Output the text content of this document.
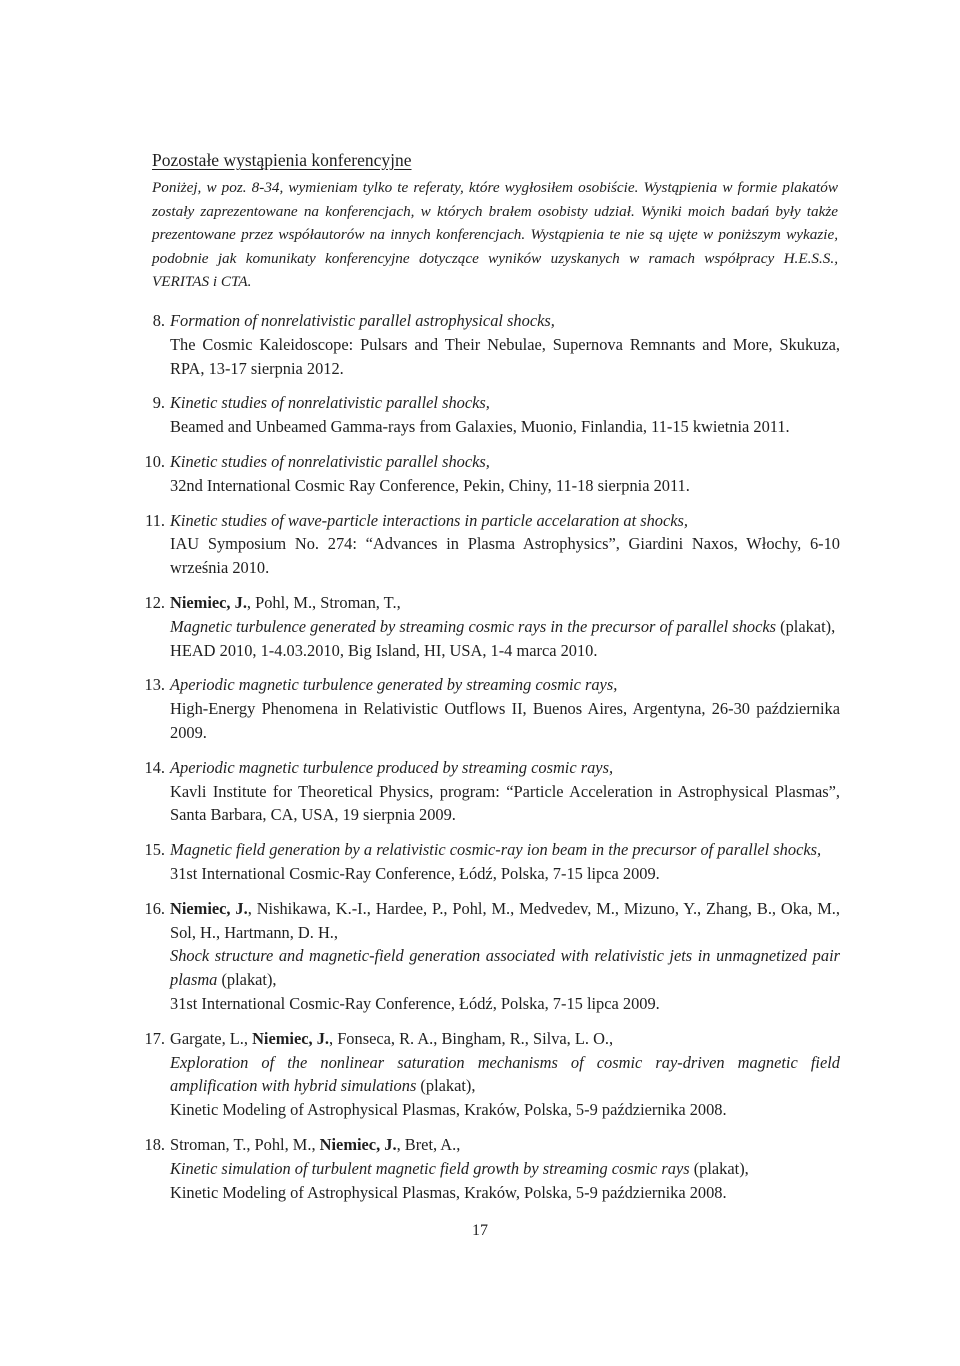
Pozostałe wystąpienia konferencyjne

Poniżej, w poz. 8-34, wymieniam tylko te referaty, które wygłosiłem osobiście. Wystąpienia w formie plakatów zostały zaprezentowane na konferencjach, w których brałem osobisty udział. Wyniki moich badań były także prezentowane przez współautorów na innych konferencjach. Wystąpienia te nie są ujęte w poniższym wykazie, podobnie jak komunikaty konferencyjne dotyczące wyników uzyskanych w ramach współpracy H.E.S.S., VERITAS i CTA.

8. Formation of nonrelativistic parallel astrophysical shocks,
The Cosmic Kaleidoscope: Pulsars and Their Nebulae, Supernova Remnants and More, Skukuza, RPA, 13-17 sierpnia 2012.
9. Kinetic studies of nonrelativistic parallel shocks,
Beamed and Unbeamed Gamma-rays from Galaxies, Muonio, Finlandia, 11-15 kwietnia 2011.
10. Kinetic studies of nonrelativistic parallel shocks,
32nd International Cosmic Ray Conference, Pekin, Chiny, 11-18 sierpnia 2011.
11. Kinetic studies of wave-particle interactions in particle accelaration at shocks,
IAU Symposium No. 274: “Advances in Plasma Astrophysics”, Giardini Naxos, Włochy, 6-10 września 2010.
12. Niemiec, J., Pohl, M., Stroman, T.,
Magnetic turbulence generated by streaming cosmic rays in the precursor of parallel shocks (plakat),
HEAD 2010, 1-4.03.2010, Big Island, HI, USA, 1-4 marca 2010.
13. Aperiodic magnetic turbulence generated by streaming cosmic rays,
High-Energy Phenomena in Relativistic Outflows II, Buenos Aires, Argentyna, 26-30 października 2009.
14. Aperiodic magnetic turbulence produced by streaming cosmic rays,
Kavli Institute for Theoretical Physics, program: “Particle Acceleration in Astrophysical Plasmas”, Santa Barbara, CA, USA, 19 sierpnia 2009.
15. Magnetic field generation by a relativistic cosmic-ray ion beam in the precursor of parallel shocks,
31st International Cosmic-Ray Conference, Łódź, Polska, 7-15 lipca 2009.
16. Niemiec, J., Nishikawa, K.-I., Hardee, P., Pohl, M., Medvedev, M., Mizuno, Y., Zhang, B., Oka, M., Sol, H., Hartmann, D. H.,
Shock structure and magnetic-field generation associated with relativistic jets in unmagnetized pair plasma (plakat),
31st International Cosmic-Ray Conference, Łódź, Polska, 7-15 lipca 2009.
17. Gargate, L., Niemiec, J., Fonseca, R. A., Bingham, R., Silva, L. O.,
Exploration of the nonlinear saturation mechanisms of cosmic ray-driven magnetic field amplification with hybrid simulations (plakat),
Kinetic Modeling of Astrophysical Plasmas, Kraków, Polska, 5-9 października 2008.
18. Stroman, T., Pohl, M., Niemiec, J., Bret, A.,
Kinetic simulation of turbulent magnetic field growth by streaming cosmic rays (plakat),
Kinetic Modeling of Astrophysical Plasmas, Kraków, Polska, 5-9 października 2008.
17
